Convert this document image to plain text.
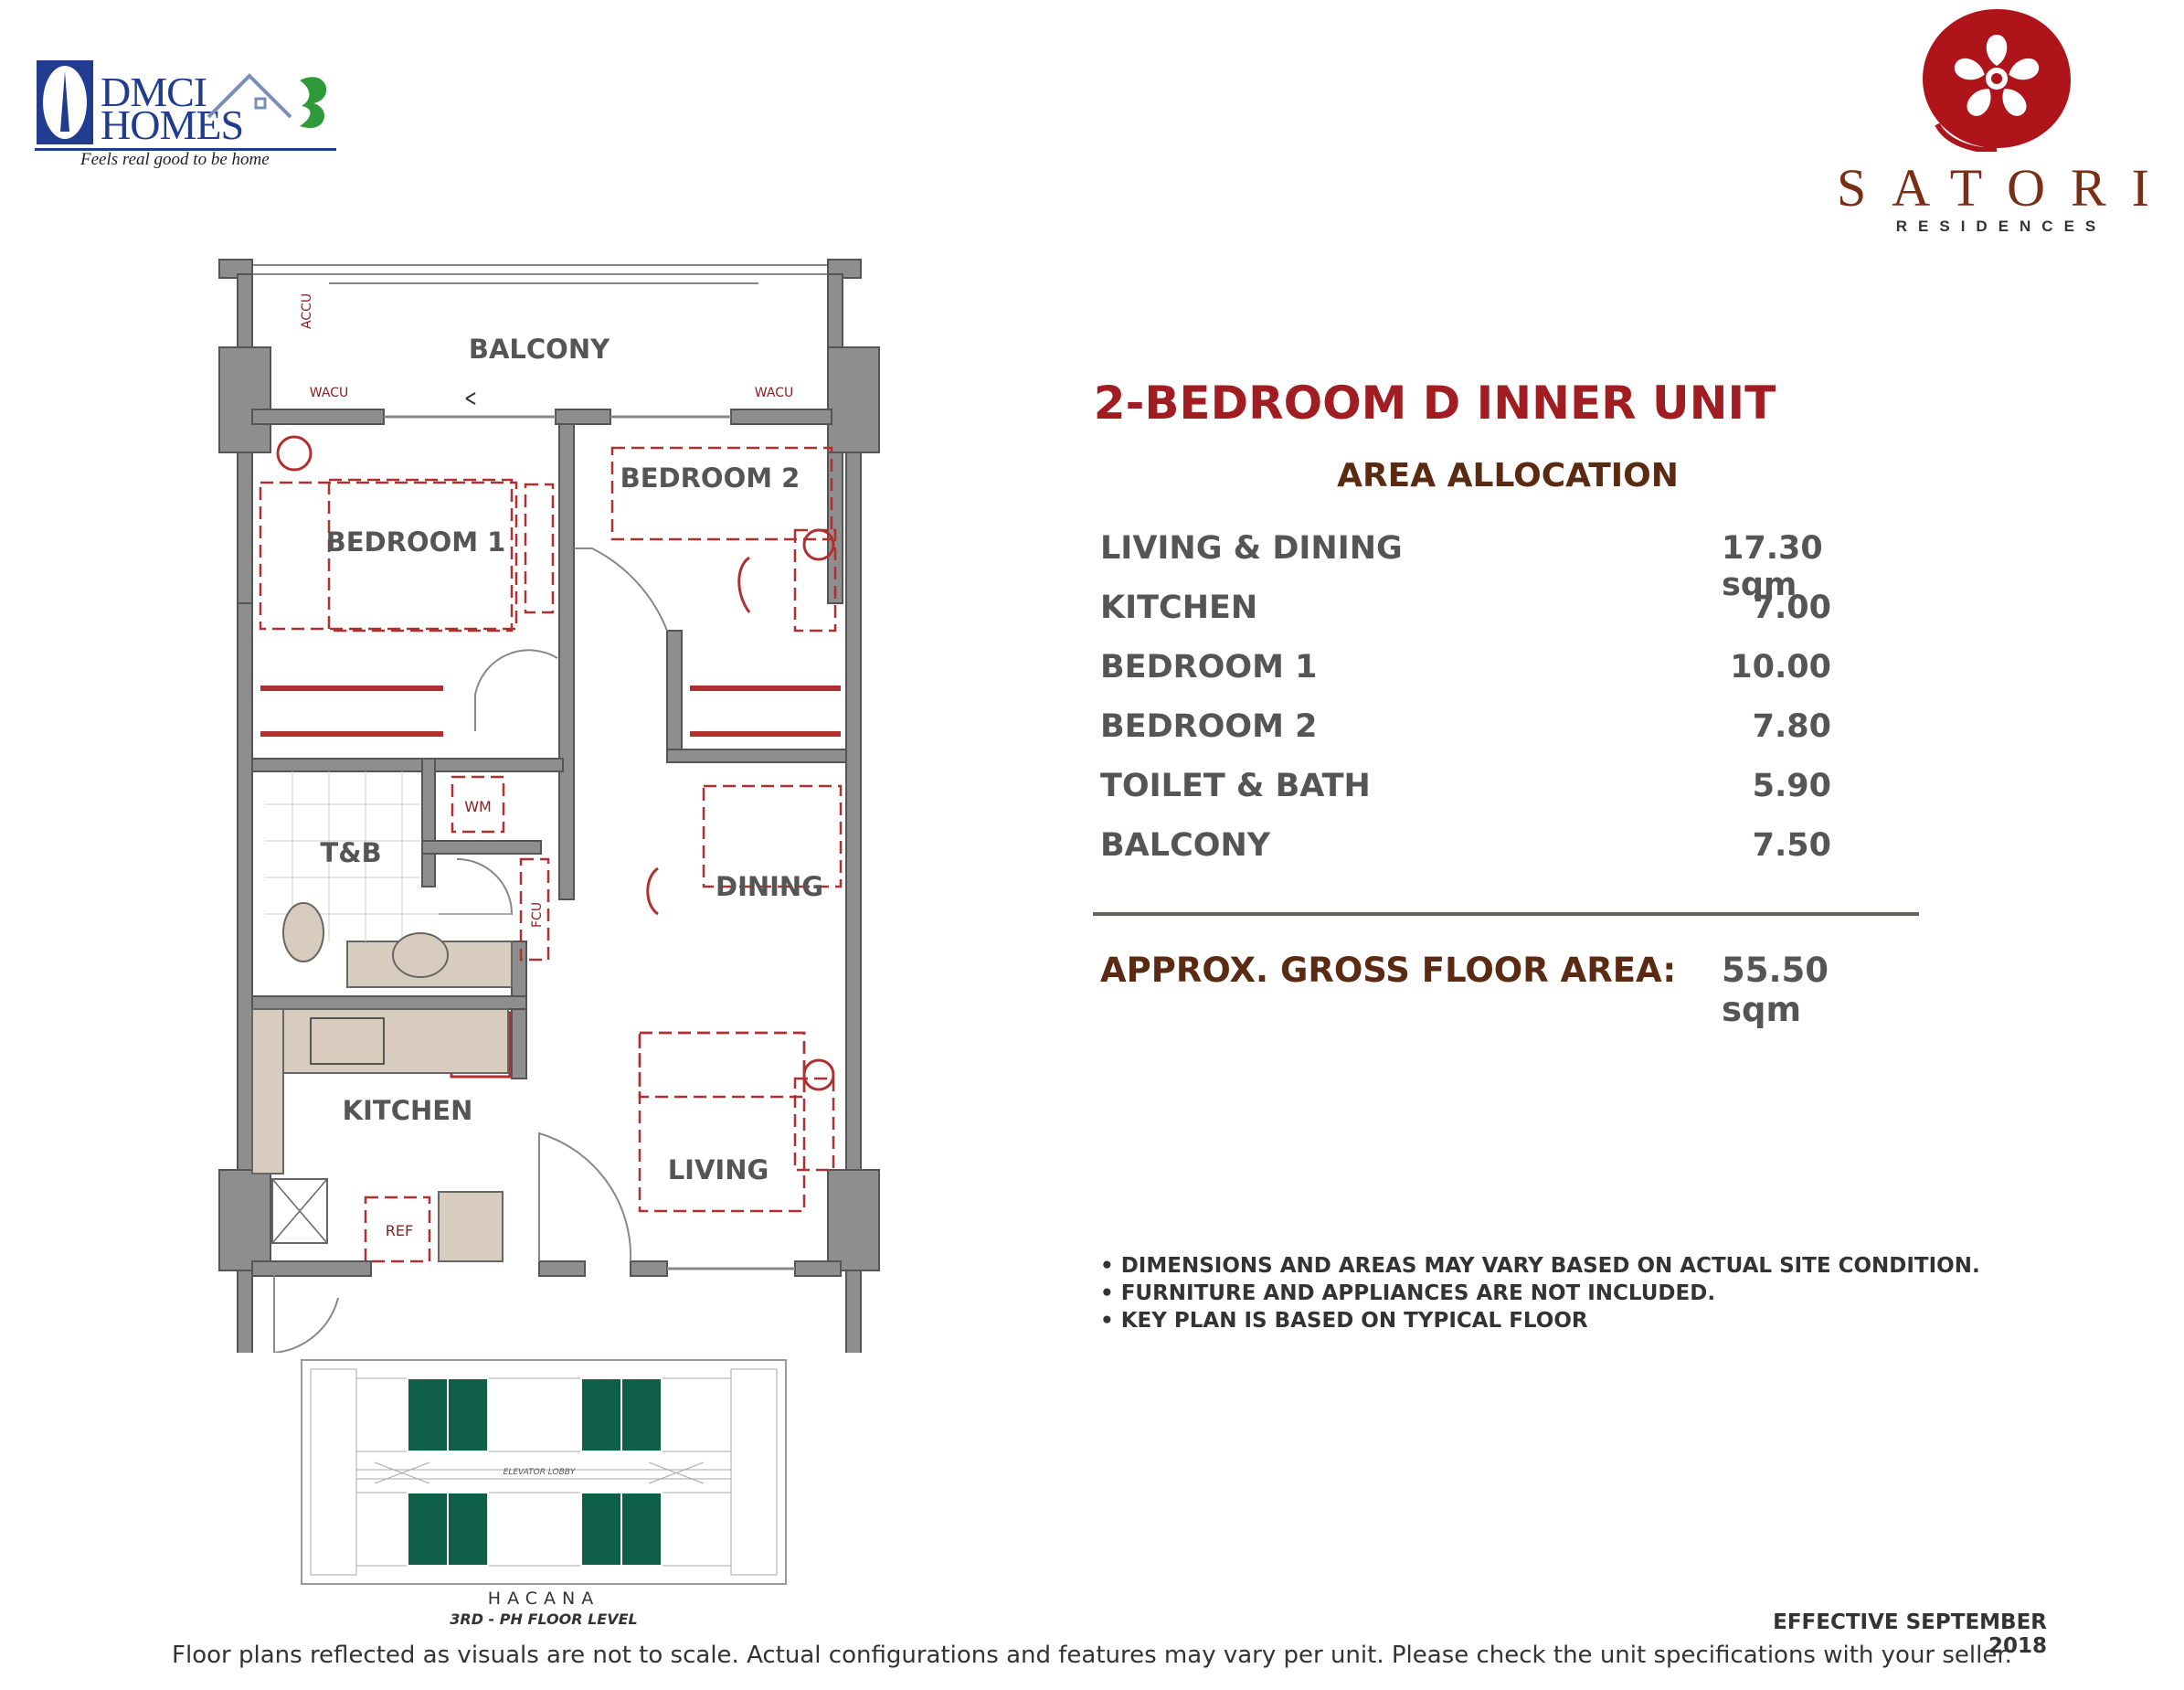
DMCI
HOMES
Feels real good to be home	SATORI
RESIDENCES
BALCONY
BEDROOM 1
BEDROOM 2
T&B
DINING
KITCHEN
LIVING
ACCU
WACU	WACU
WM
FCU
REF
ELEVATOR LOBBY
HACANA
3RD - PH FLOOR LEVEL
2-BEDROOM D INNER UNIT
AREA ALLOCATION
LIVING & DINING	17.30 sqm
KITCHEN	7.00
BEDROOM 1	10.00
BEDROOM 2	7.80
TOILET & BATH	5.90
BALCONY	7.50
APPROX. GROSS FLOOR AREA: 55.50 sqm
• DIMENSIONS AND AREAS MAY VARY BASED ON ACTUAL SITE CONDITION.
• FURNITURE AND APPLIANCES ARE NOT INCLUDED.
• KEY PLAN IS BASED ON TYPICAL FLOOR
EFFECTIVE SEPTEMBER 2018
Floor plans reflected as visuals are not to scale. Actual configurations and features may vary per unit. Please check the unit specifications with your seller.
